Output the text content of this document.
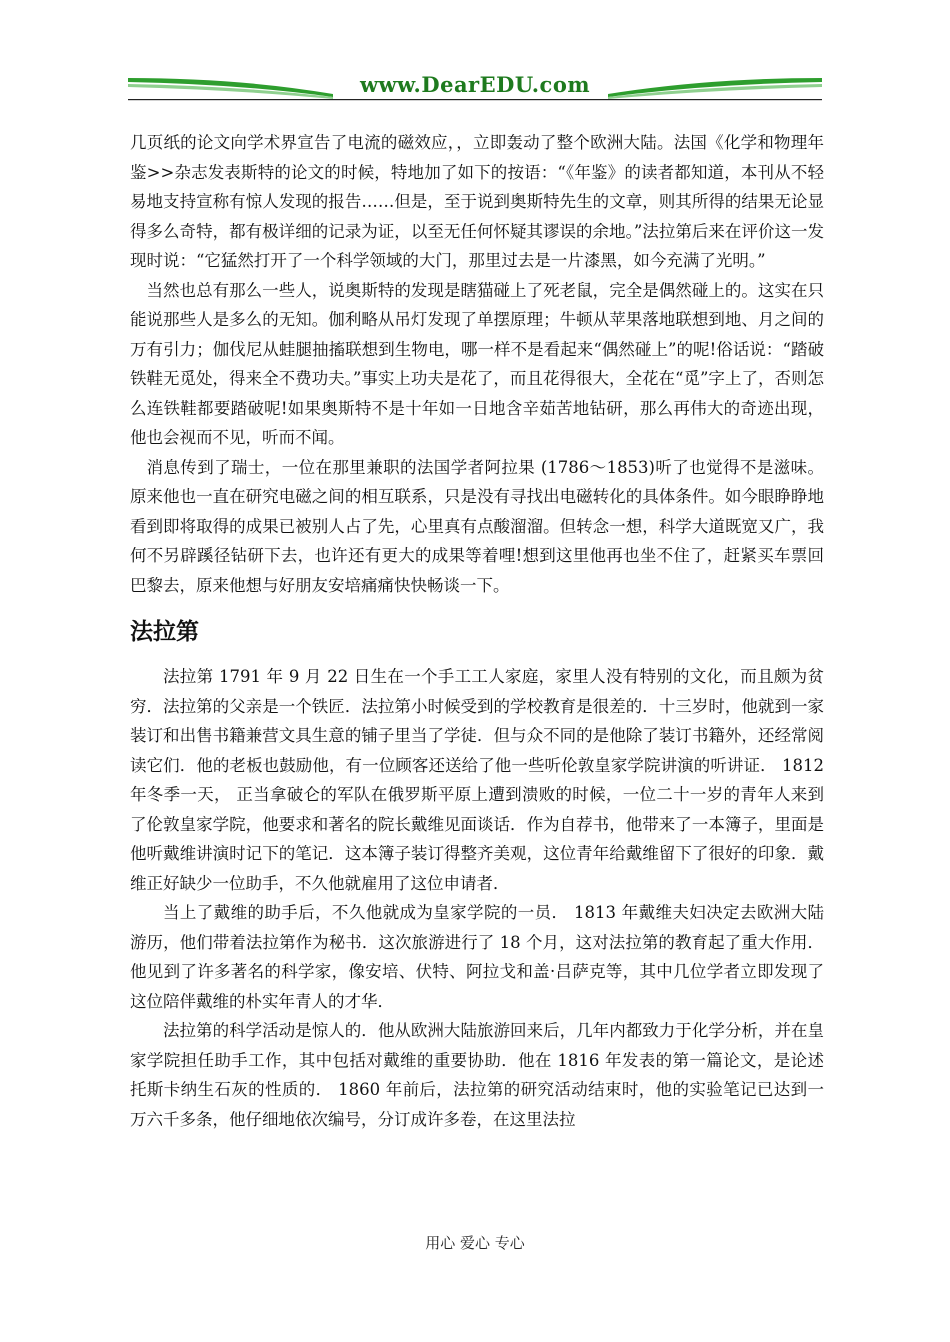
www.DearEDU.com

几页纸的论文向学术界宣告了电流的磁效应，，立即轰动了整个欧洲大陆。法国《化学和物理年鉴>>杂志发表斯特的论文的时候，特地加了如下的按语：“《年鉴》的读者都知道，本刊从不轻易地支持宣称有惊人发现的报告……但是，至于说到奥斯特先生的文章，则其所得的结果无论显得多么奇特，都有极详细的记录为证，以至无任何怀疑其谬误的余地。”法拉第后来在评价这一发现时说：“它猛然打开了一个科学领域的大门，那里过去是一片漆黑，如今充满了光明。”

当然也总有那么一些人，说奥斯特的发现是瞎猫碰上了死老鼠，完全是偶然碰上的。这实在只能说那些人是多么的无知。伽利略从吊灯发现了单摆原理；牛顿从苹果落地联想到地、月之间的万有引力；伽伐尼从蛙腿抽搐联想到生物电，哪一样不是看起来“偶然碰上”的呢!俗话说：“踏破铁鞋无觅处，得来全不费功夫。”事实上功夫是花了，而且花得很大，全花在“觅”字上了，否则怎么连铁鞋都要踏破呢!如果奥斯特不是十年如一日地含辛茹苦地钻研，那么再伟大的奇迹出现，他也会视而不见，听而不闻。

消息传到了瑞士，一位在那里兼职的法国学者阿拉果 (1786～1853)听了也觉得不是滋味。原来他也一直在研究电磁之间的相互联系，只是没有寻找出电磁转化的具体条件。如今眼睁睁地看到即将取得的成果已被别人占了先，心里真有点酸溜溜。但转念一想，科学大道既宽又广，我何不另辟蹊径钻研下去，也许还有更大的成果等着哩!想到这里他再也坐不住了，赶紧买车票回巴黎去，原来他想与好朋友安培痛痛快快畅谈一下。

法拉第

法拉第 1791 年 9 月 22 日生在一个手工工人家庭，家里人没有特别的文化，而且颇为贫穷．法拉第的父亲是一个铁匠．法拉第小时候受到的学校教育是很差的．十三岁时，他就到一家装订和出售书籍兼营文具生意的铺子里当了学徒．但与众不同的是他除了装订书籍外，还经常阅读它们．他的老板也鼓励他，有一位顾客还送给了他一些听伦敦皇家学院讲演的听讲证． 1812 年冬季一天， 正当拿破仑的军队在俄罗斯平原上遭到溃败的时候，一位二十一岁的青年人来到了伦敦皇家学院，他要求和著名的院长戴维见面谈话．作为自荐书，他带来了一本簿子，里面是他听戴维讲演时记下的笔记．这本簿子装订得整齐美观，这位青年给戴维留下了很好的印象．戴维正好缺少一位助手，不久他就雇用了这位申请者．

当上了戴维的助手后，不久他就成为皇家学院的一员． 1813 年戴维夫妇决定去欧洲大陆游历，他们带着法拉第作为秘书．这次旅游进行了 18 个月，这对法拉第的教育起了重大作用．他见到了许多著名的科学家，像安培、伏特、阿拉戈和盖·吕萨克等，其中几位学者立即发现了这位陪伴戴维的朴实年青人的才华．

法拉第的科学活动是惊人的．他从欧洲大陆旅游回来后，几年内都致力于化学分析，并在皇家学院担任助手工作，其中包括对戴维的重要协助．他在 1816 年发表的第一篇论文，是论述托斯卡纳生石灰的性质的． 1860 年前后，法拉第的研究活动结束时，他的实验笔记已达到一万六千多条，他仔细地依次编号，分订成许多卷，在这里法拉

用心 爱心 专心
